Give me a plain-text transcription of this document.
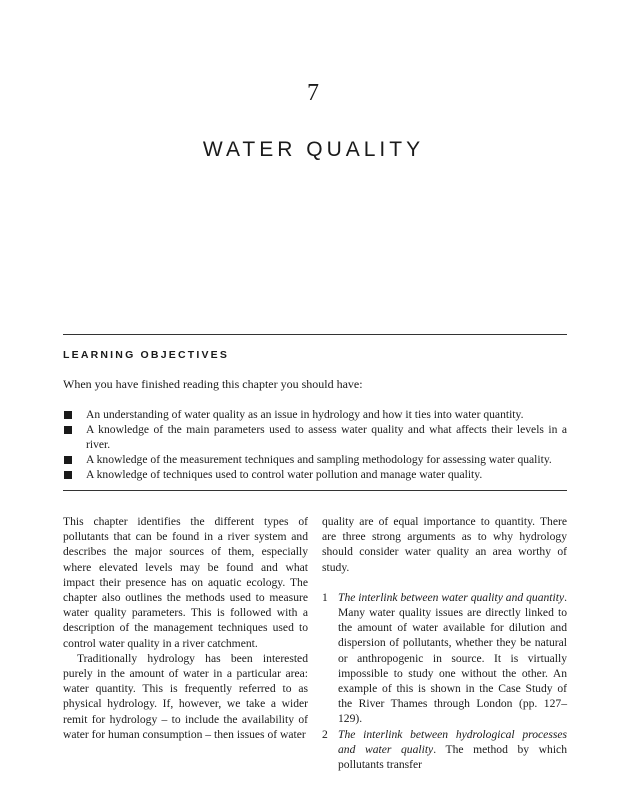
7
WATER QUALITY
LEARNING OBJECTIVES
When you have finished reading this chapter you should have:
An understanding of water quality as an issue in hydrology and how it ties into water quantity.
A knowledge of the main parameters used to assess water quality and what affects their levels in a river.
A knowledge of the measurement techniques and sampling methodology for assessing water quality.
A knowledge of techniques used to control water pollution and manage water quality.

This chapter identifies the different types of pollutants that can be found in a river system and describes the major sources of them, especially where elevated levels may be found and what impact their presence has on aquatic ecology. The chapter also outlines the methods used to measure water quality parameters. This is followed with a description of the management techniques used to control water quality in a river catchment.

Traditionally hydrology has been interested purely in the amount of water in a particular area: water quantity. This is frequently referred to as physical hydrology. If, however, we take a wider remit for hydrology – to include the availability of water for human consumption – then issues of water

quality are of equal importance to quantity. There are three strong arguments as to why hydrology should consider water quality an area worthy of study.

1 The interlink between water quality and quantity. Many water quality issues are directly linked to the amount of water available for dilution and dispersion of pollutants, whether they be natural or anthropogenic in source. It is virtually impossible to study one without the other. An example of this is shown in the Case Study of the River Thames through London (pp. 127–129).
2 The interlink between hydrological processes and water quality. The method by which pollutants transfer
